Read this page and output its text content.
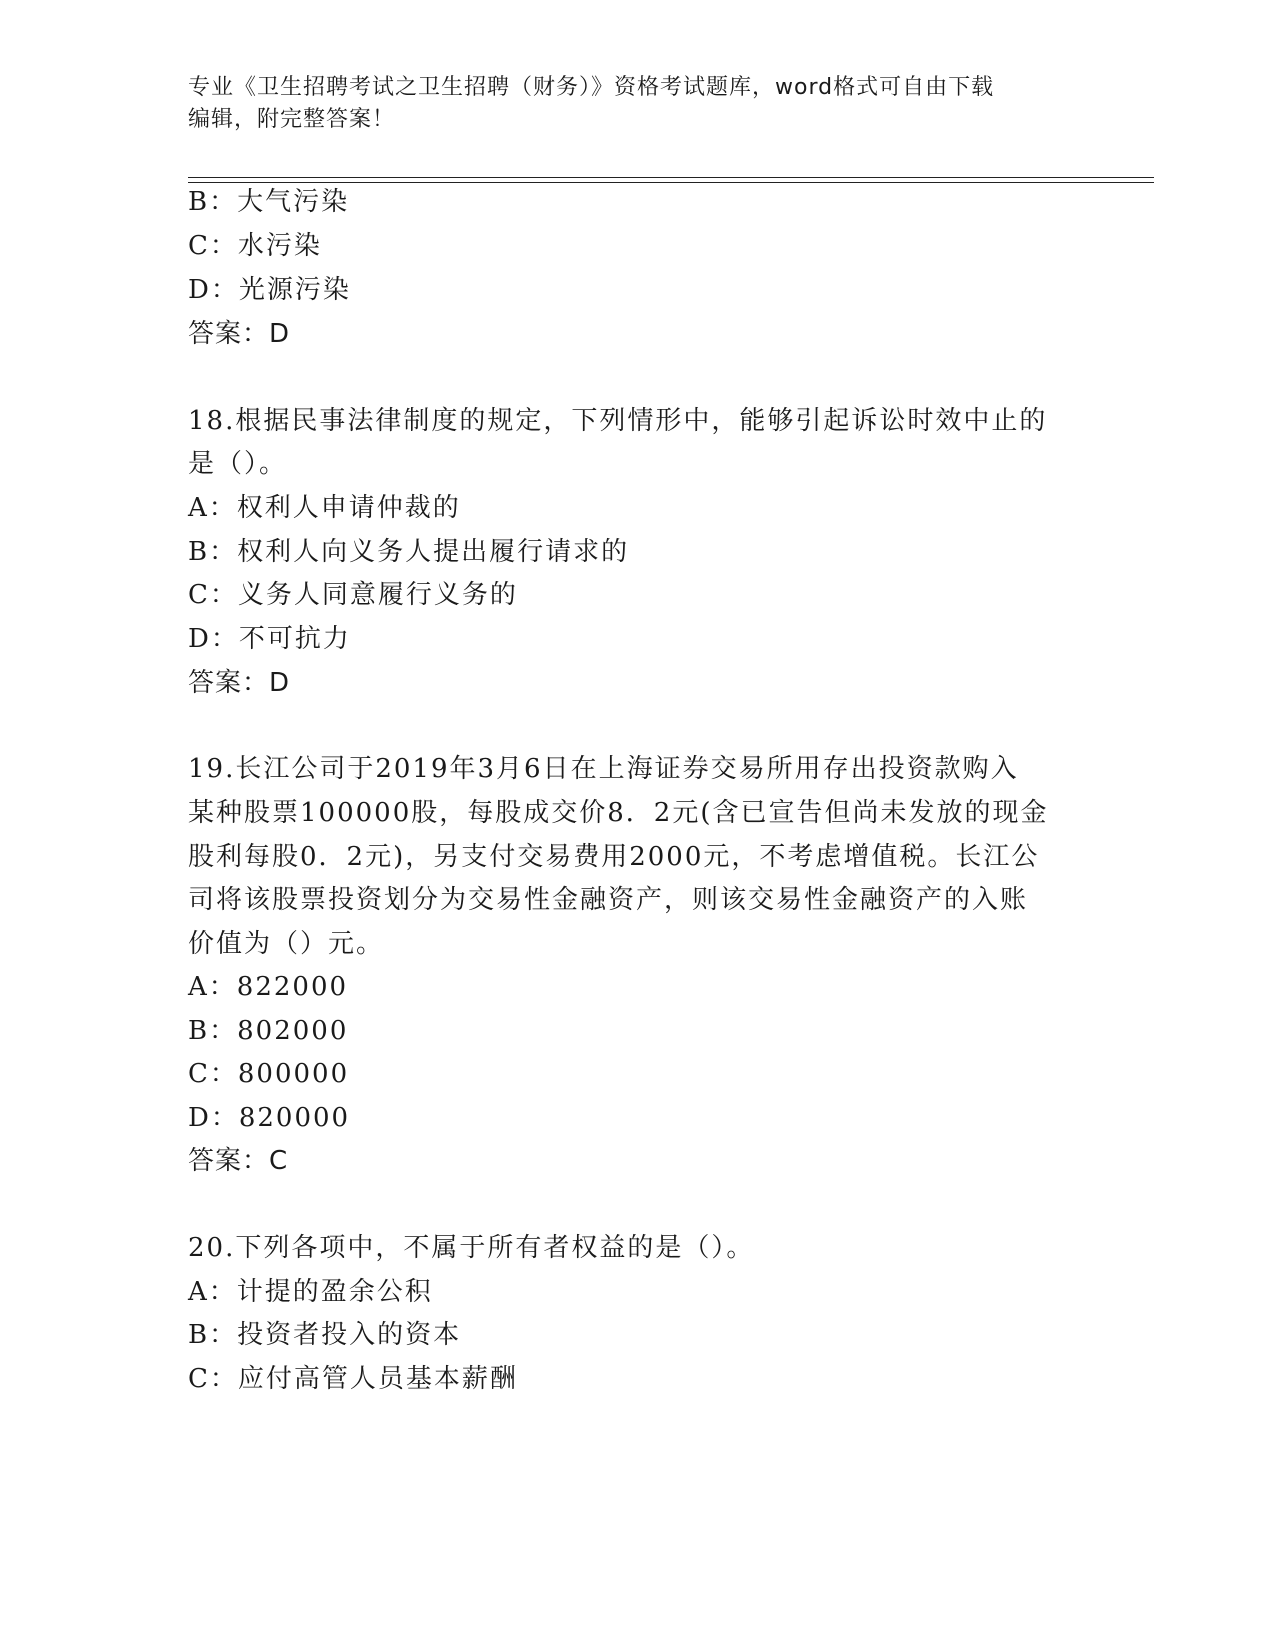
专业《卫生招聘考试之卫生招聘（财务）》资格考试题库，word格式可自由下载
编辑，附完整答案！
B：大气污染
C：水污染
D：光源污染
答案：D
18.根据民事法律制度的规定，下列情形中，能够引起诉讼时效中止的
是（）。
A：权利人申请仲裁的
B：权利人向义务人提出履行请求的
C：义务人同意履行义务的
D：不可抗力
答案：D
19.长江公司于2019年3月6日在上海证券交易所用存出投资款购入
某种股票100000股，每股成交价8．2元(含已宣告但尚未发放的现金
股利每股0．2元)，另支付交易费用2000元，不考虑增值税。长江公
司将该股票投资划分为交易性金融资产，则该交易性金融资产的入账
价值为（）元。
A：822000
B：802000
C：800000
D：820000
答案：C
20.下列各项中，不属于所有者权益的是（）。
A：计提的盈余公积
B：投资者投入的资本
C：应付高管人员基本薪酬
